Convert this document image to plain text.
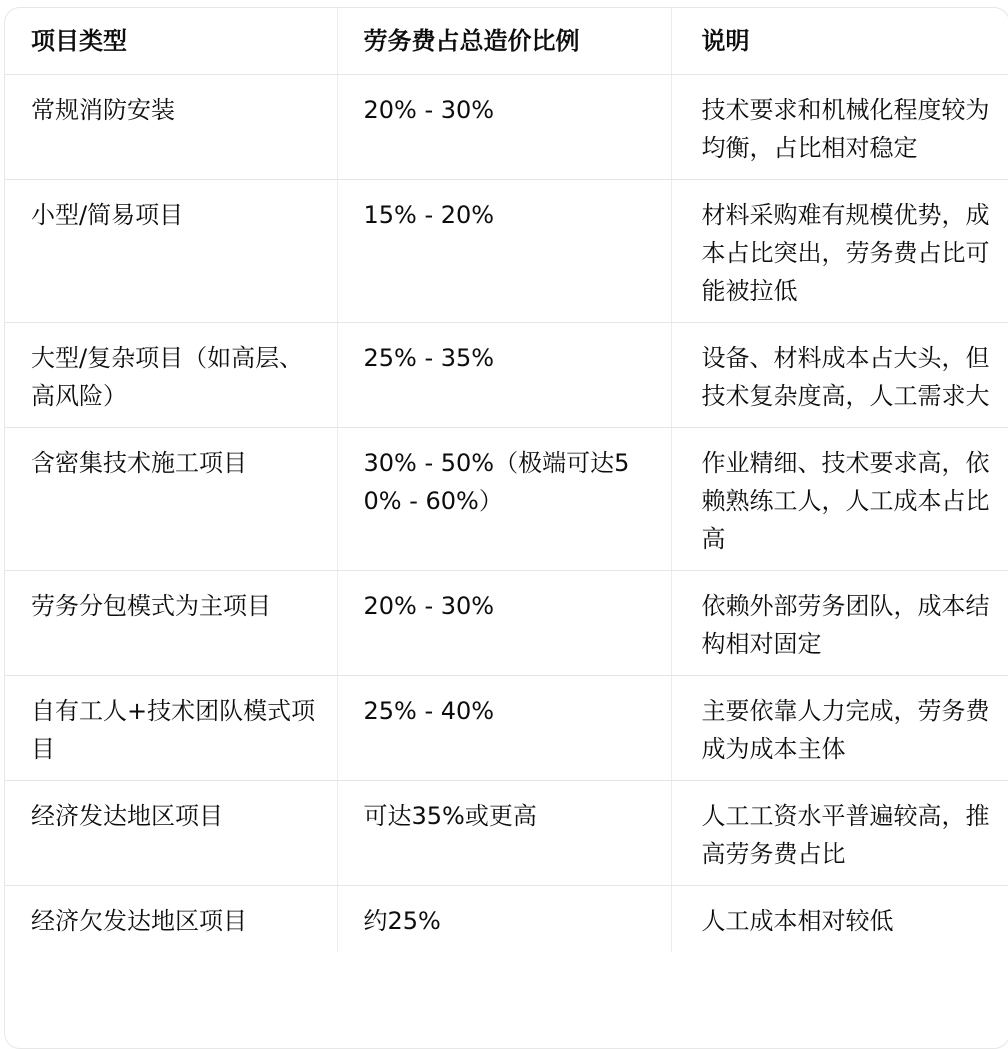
项目类型	劳务费占总造价比例	说明
常规消防安装	20% - 30%	技术要求和机械化程度较为均衡，占比相对稳定
小型/简易项目	15% - 20%	材料采购难有规模优势，成本占比突出，劳务费占比可能被拉低
大型/复杂项目（如高层、高风险）	25% - 35%	设备、材料成本占大头，但技术复杂度高，人工需求大
含密集技术施工项目	30% - 50%（极端可达50% - 60%）	作业精细、技术要求高，依赖熟练工人，人工成本占比高
劳务分包模式为主项目	20% - 30%	依赖外部劳务团队，成本结构相对固定
自有工人+技术团队模式项目	25% - 40%	主要依靠人力完成，劳务费成为成本主体
经济发达地区项目	可达35%或更高	人工工资水平普遍较高，推高劳务费占比
经济欠发达地区项目	约25%	人工成本相对较低
